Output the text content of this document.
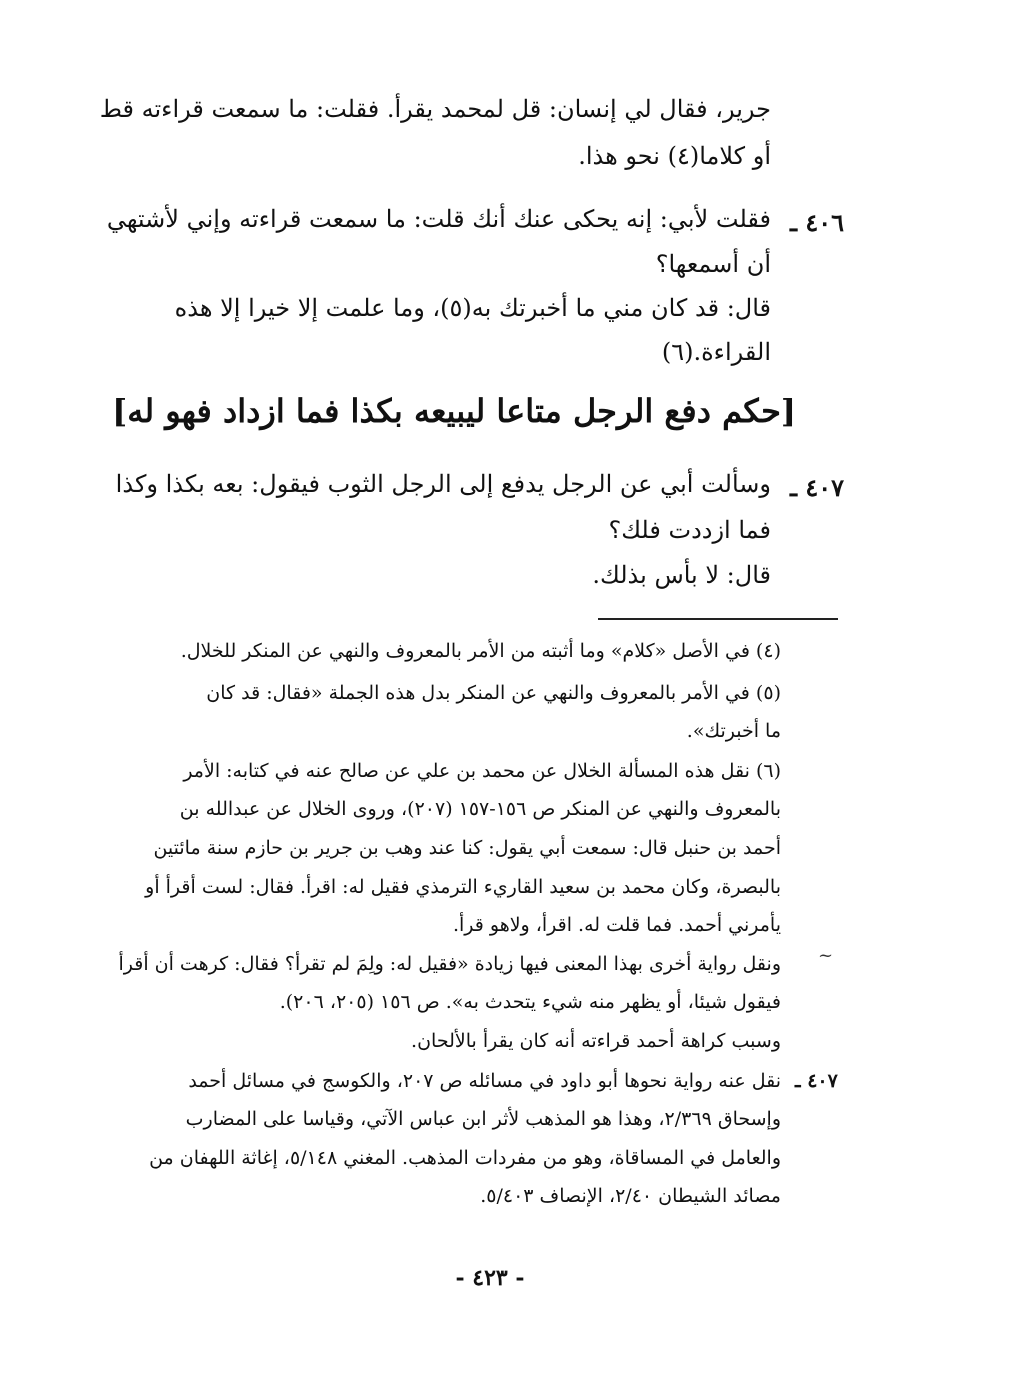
جرير، فقال لي إنسان: قل لمحمد يقرأ. فقلت: ما سمعت قراءته قط
أو كلاما(٤) نحو هذا.
٤٠٦ ـ
فقلت لأبي: إنه يحكى عنك أنك قلت: ما سمعت قراءته وإني لأشتهي
أن أسمعها؟
قال: قد كان مني ما أخبرتك به(٥)، وما علمت إلا خيرا إلا هذه
القراءة.(٦)
[حكم دفع الرجل متاعا ليبيعه بكذا فما ازداد فهو له]
٤٠٧ ـ
وسألت أبي عن الرجل يدفع إلى الرجل الثوب فيقول: بعه بكذا وكذا
فما ازددت فلك؟
قال: لا بأس بذلك.
(٤) في الأصل «كلام» وما أثبته من الأمر بالمعروف والنهي عن المنكر للخلال.
(٥) في الأمر بالمعروف والنهي عن المنكر بدل هذه الجملة «فقال: قد كان
ما أخبرتك».
(٦) نقل هذه المسألة الخلال عن محمد بن علي عن صالح عنه في كتابه: الأمر
بالمعروف والنهي عن المنكر ص ١٥٦-١٥٧ (٢٠٧)، وروى الخلال عن عبدالله بن
أحمد بن حنبل قال: سمعت أبي يقول: كنا عند وهب بن جرير بن حازم سنة مائتين
بالبصرة، وكان محمد بن سعيد القاريء الترمذي فقيل له: اقرأ. فقال: لست أقرأ أو
يأمرني أحمد. فما قلت له. اقرأ، ولاهو قرأ.
ونقل رواية أخرى بهذا المعنى فيها زيادة «فقيل له: ولِمَ لم تقرأ؟ فقال: كرهت أن أقرأ
فيقول شيئا، أو يظهر منه شيء يتحدث به». ص ١٥٦ (٢٠٥، ٢٠٦).
وسبب كراهة أحمد قراءته أنه كان يقرأ بالألحان.
~
٤٠٧ ـ
نقل عنه رواية نحوها أبو داود في مسائله ص ٢٠٧، والكوسج في مسائل أحمد
وإسحاق ٢/٣٦٩، وهذا هو المذهب لأثر ابن عباس الآتي، وقياسا على المضارب
والعامل في المساقاة، وهو من مفردات المذهب. المغني ٥/١٤٨، إغاثة اللهفان من
مصائد الشيطان ٢/٤٠، الإنصاف ٥/٤٠٣.
- ٤٢٣ -
